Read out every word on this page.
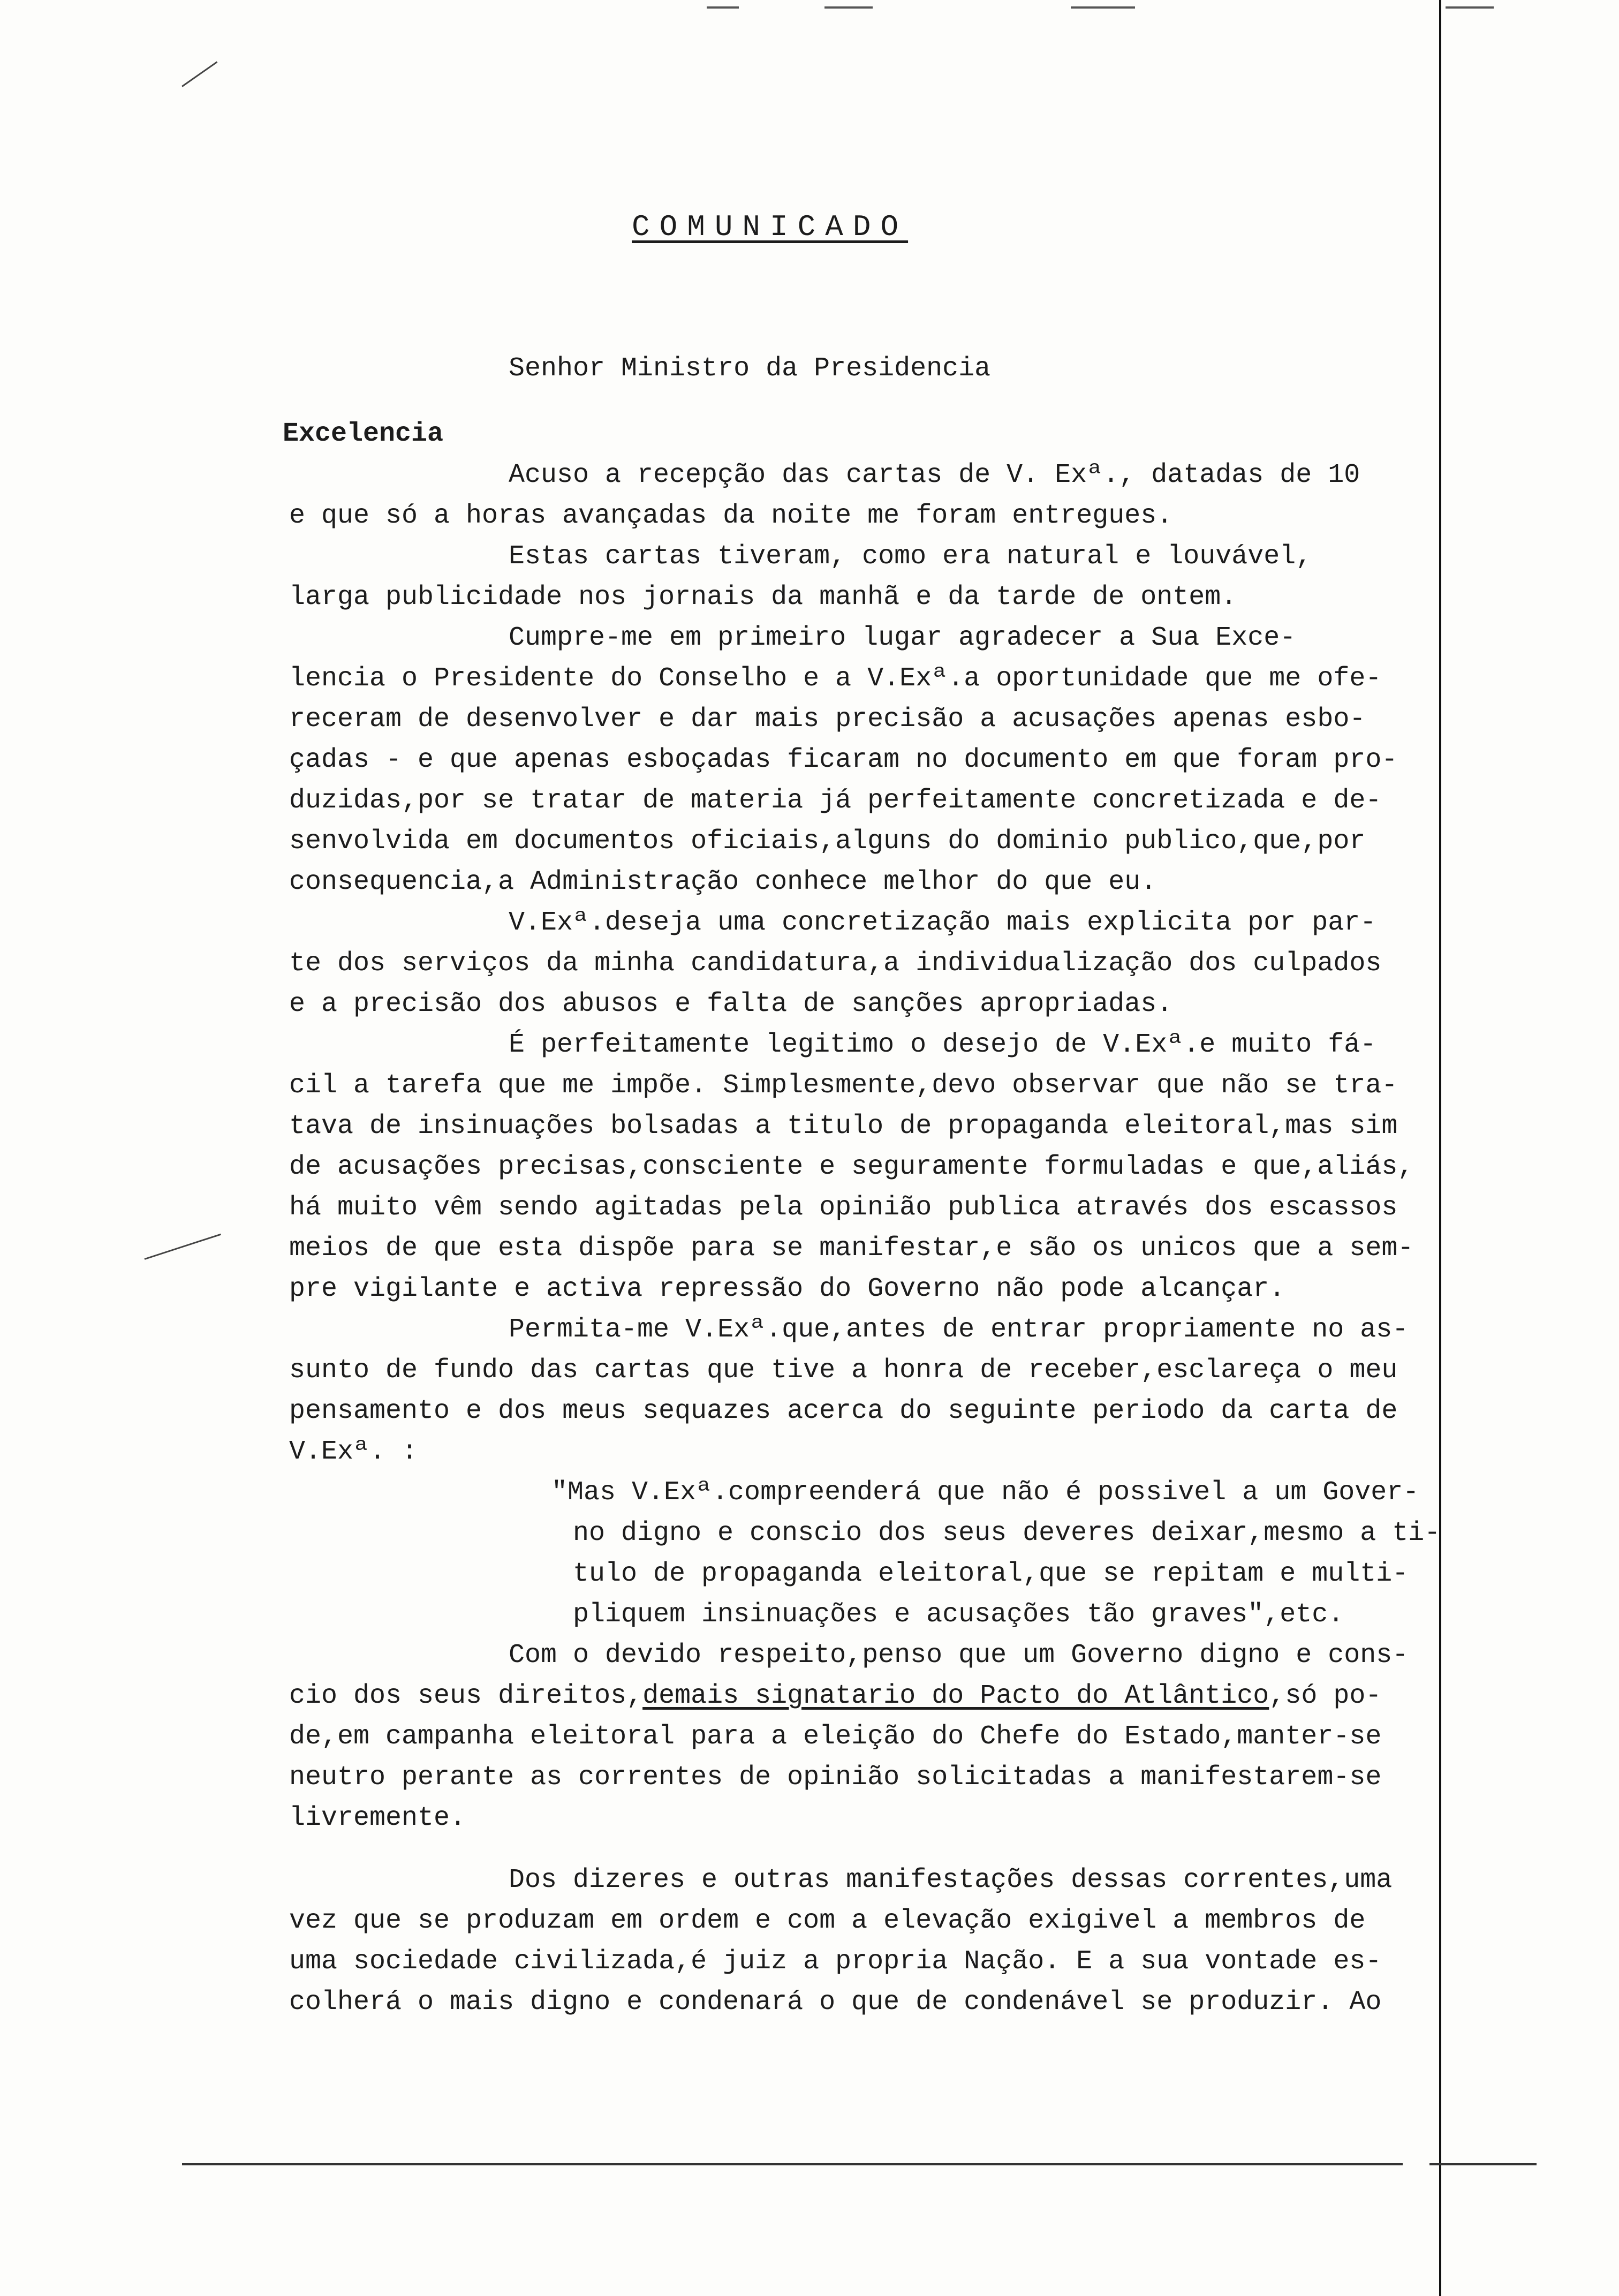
COMUNICADO
Senhor Ministro da Presidencia
Excelencia
Acuso a recepção das cartas de V. Exª., datadas de 10
e que só a horas avançadas da noite me foram entregues.
Estas cartas tiveram, como era natural e louvável,
larga publicidade nos jornais da manhã e da tarde de ontem.
Cumpre-me em primeiro lugar agradecer a Sua Exce-
lencia o Presidente do Conselho e a V.Exª.a oportunidade que me ofe-
receram de desenvolver e dar mais precisão a acusações apenas esbo-
çadas - e que apenas esboçadas ficaram no documento em que foram pro-
duzidas,por se tratar de materia já perfeitamente concretizada e de-
senvolvida em documentos oficiais,alguns do dominio publico,que,por
consequencia,a Administração conhece melhor do que eu.
V.Exª.deseja uma concretização mais explicita por par-
te dos serviços da minha candidatura,a individualização dos culpados
e a precisão dos abusos e falta de sanções apropriadas.
É perfeitamente legitimo o desejo de V.Exª.e muito fá-
cil a tarefa que me impõe. Simplesmente,devo observar que não se tra-
tava de insinuações bolsadas a titulo de propaganda eleitoral,mas sim
de acusações precisas,consciente e seguramente formuladas e que,aliás,
há muito vêm sendo agitadas pela opinião publica através dos escassos
meios de que esta dispõe para se manifestar,e são os unicos que a sem-
pre vigilante e activa repressão do Governo não pode alcançar.
Permita-me V.Exª.que,antes de entrar propriamente no as-
sunto de fundo das cartas que tive a honra de receber,esclareça o meu
pensamento e dos meus sequazes acerca do seguinte periodo da carta de
V.Exª. :
"Mas V.Exª.compreenderá que não é possivel a um Gover-
no digno e conscio dos seus deveres deixar,mesmo a ti-
tulo de propaganda eleitoral,que se repitam e multi-
pliquem insinuações e acusações tão graves",etc.
Com o devido respeito,penso que um Governo digno e cons-
cio dos seus direitos,demais signatario do Pacto do Atlântico,só po-
de,em campanha eleitoral para a eleição do Chefe do Estado,manter-se
neutro perante as correntes de opinião solicitadas a manifestarem-se
livremente.
Dos dizeres e outras manifestações dessas correntes,uma
vez que se produzam em ordem e com a elevação exigivel a membros de
uma sociedade civilizada,é juiz a propria Nação. E a sua vontade es-
colherá o mais digno e condenará o que de condenável se produzir. Ao
